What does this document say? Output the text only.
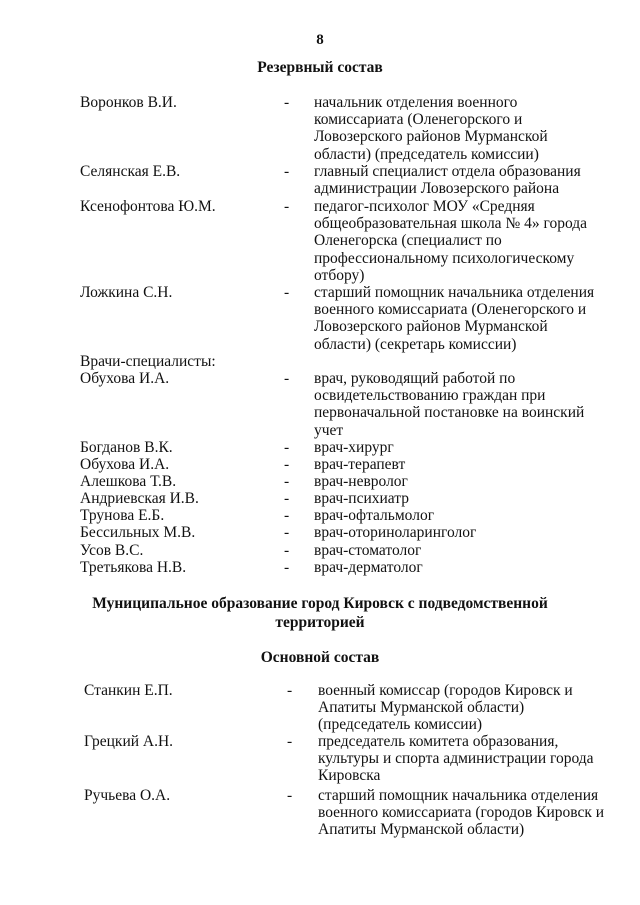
8
Резервный состав
Воронков В.И.	- начальник отделения военного комиссариата (Оленегорского и Ловозерского районов Мурманской области) (председатель комиссии)
Селянская Е.В.	- главный специалист отдела образования администрации Ловозерского района
Ксенофонтова Ю.М.	- педагог-психолог МОУ «Средняя общеобразовательная школа № 4» города Оленегорска (специалист по профессиональному психологическому отбору)
Ложкина С.Н.	- старший помощник начальника отделения военного комиссариата (Оленегорского и Ловозерского районов Мурманской области) (секретарь комиссии)
Врачи-специалисты:
Обухова И.А.	- врач, руководящий работой по освидетельствованию граждан при первоначальной постановке на воинский учет
Богданов В.К.	- врач-хирург
Обухова И.А.	- врач-терапевт
Алешкова Т.В.	- врач-невролог
Андриевская И.В.	- врач-психиатр
Трунова Е.Б.	- врач-офтальмолог
Бессильных М.В.	- врач-оториноларинголог
Усов В.С.	- врач-стоматолог
Третьякова Н.В.	- врач-дерматолог
Муниципальное образование город Кировск с подведомственной
территорией
Основной состав
Станкин Е.П.	- военный комиссар (городов Кировск и Апатиты Мурманской области) (председатель комиссии)
Грецкий А.Н.	- председатель комитета образования, культуры и спорта администрации города Кировска
Ручьева О.А.	- старший помощник начальника отделения военного комиссариата (городов Кировск и Апатиты Мурманской области)
